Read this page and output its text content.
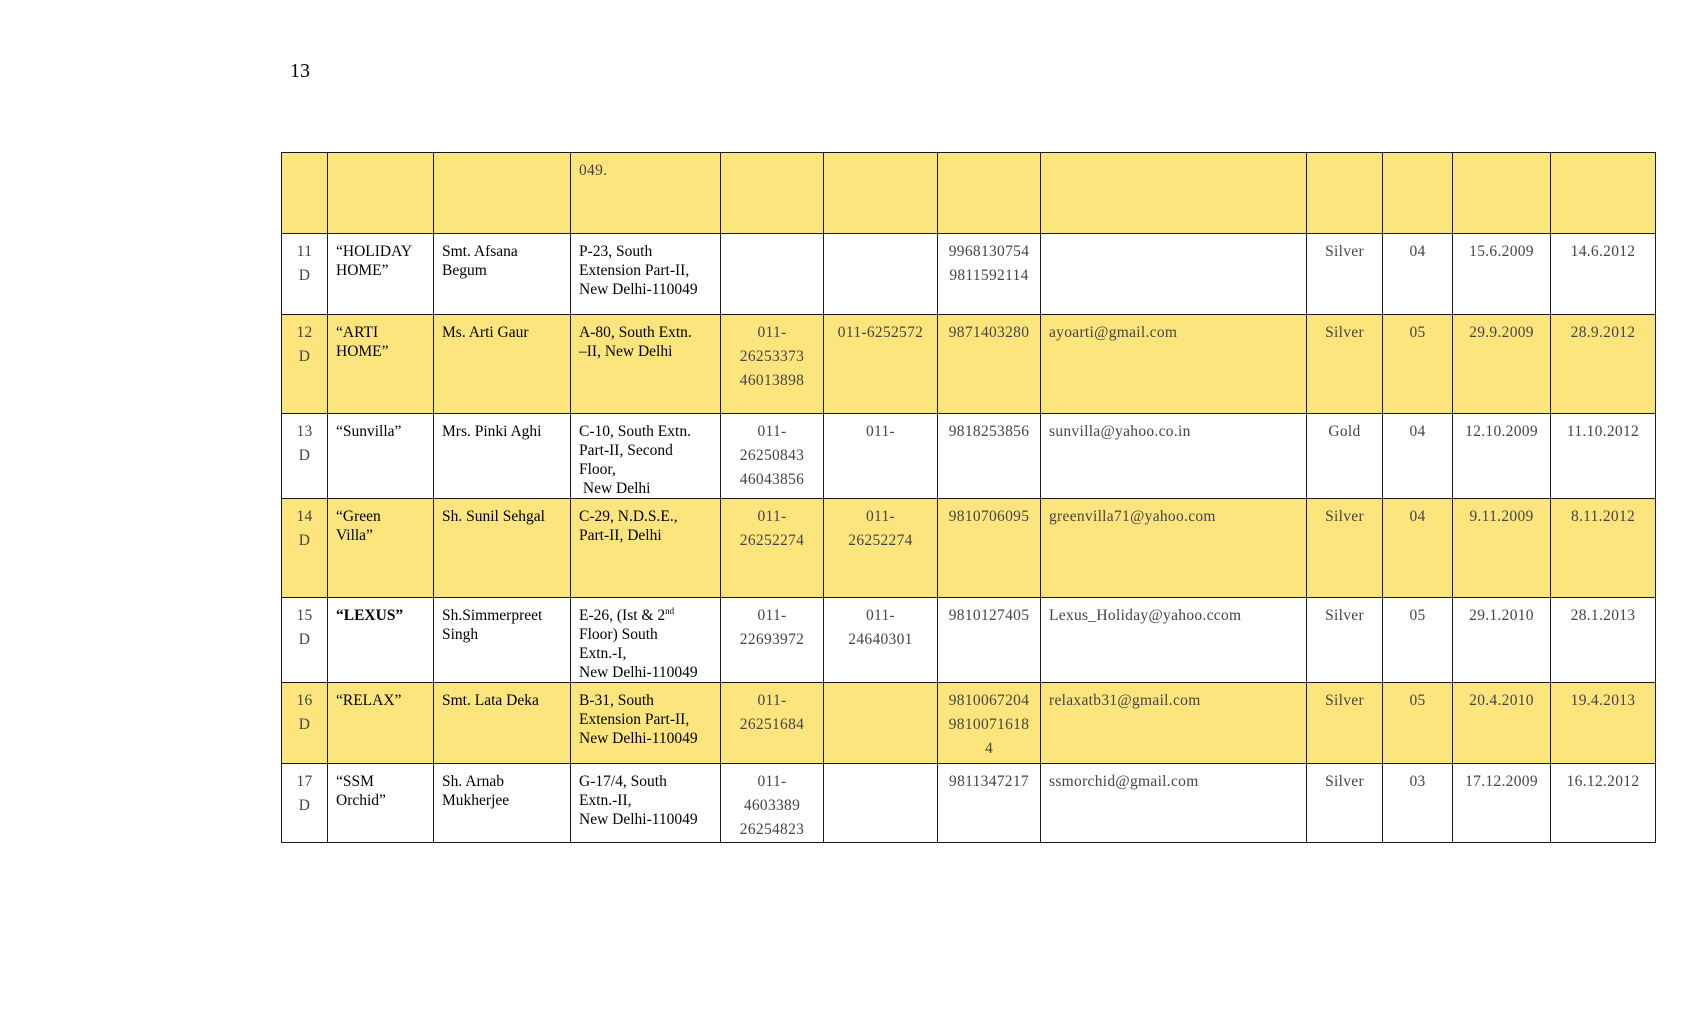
13
			049.								

11
D	“HOLIDAY
HOME”	Smt. Afsana
Begum	P-23, South
Extension Part-II,
New Delhi-110049			9968130754
9811592114		Silver	04	15.6.2009	14.6.2012

12
D	“ARTI
HOME”	Ms. Arti Gaur	A-80, South Extn.
–II, New Delhi	011-
26253373
46013898	011-6252572	9871403280	ayoarti@gmail.com	Silver	05	29.9.2009	28.9.2012

13
D	“Sunvilla”	Mrs. Pinki Aghi	C-10, South Extn.
Part-II, Second
Floor,
New Delhi	011-
26250843
46043856	011-	9818253856	sunvilla@yahoo.co.in	Gold	04	12.10.2009	11.10.2012

14
D	“Green
Villa”	Sh. Sunil Sehgal	C-29, N.D.S.E.,
Part-II, Delhi	011-
26252274	011-
26252274	9810706095	greenvilla71@yahoo.com	Silver	04	9.11.2009	8.11.2012

15
D	“LEXUS”	Sh.Simmerpreet
Singh	E-26, (Ist & 2nd
Floor) South
Extn.-I,
New Delhi-110049	011-
22693972	011-
24640301	9810127405	Lexus_Holiday@yahoo.ccom	Silver	05	29.1.2010	28.1.2013

16
D	“RELAX”	Smt. Lata Deka	B-31, South
Extension Part-II,
New Delhi-110049	011-
26251684		9810067204
9810071618
4	relaxatb31@gmail.com	Silver	05	20.4.2010	19.4.2013

17
D	“SSM
Orchid”	Sh. Arnab
Mukherjee	G-17/4, South
Extn.-II,
New Delhi-110049	011-
4603389
26254823		9811347217	ssmorchid@gmail.com	Silver	03	17.12.2009	16.12.2012
